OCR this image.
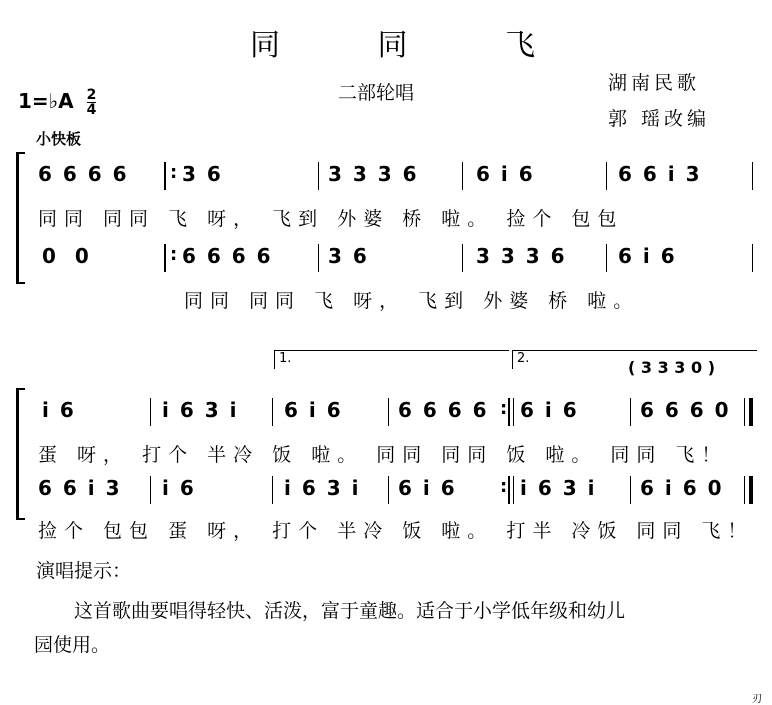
同 同 飞
二部轮唱	湖南民歌
郭 瑶改编
1=♭A $\frac{2}{4}$
小快板
6 6 6 6 : 3 6	3 3 3 6	6 i 6	6 6 i 3
同同 同同 飞 呀， 飞到 外婆 桥 啦。 捡个 包包
0 0	: 6 6 6 6	3 6	3 3 3 6	6 i 6
同同 同同 飞 呀， 飞到 外婆 桥 啦。
1.	2.	( 3 3 3 0 )
i 6	i 6 3 i 6 i 6	6 6 6 6 : 6 i 6	6 6 6 0
蛋 呀， 打个 半冷 饭 啦。 同同 同同 饭 啦。 同同 飞！
6 6 i 3 i 6	i 6 3 i 6 i 6 : i 6 3 i 6 i 6 0
捡个 包包 蛋 呀， 打个 半冷 饭 啦。 打半 冷饭 同同 飞！
演唱提示：
这首歌曲要唱得轻快、活泼，富于童趣。适合于小学低年级和幼儿
园使用。
刃
